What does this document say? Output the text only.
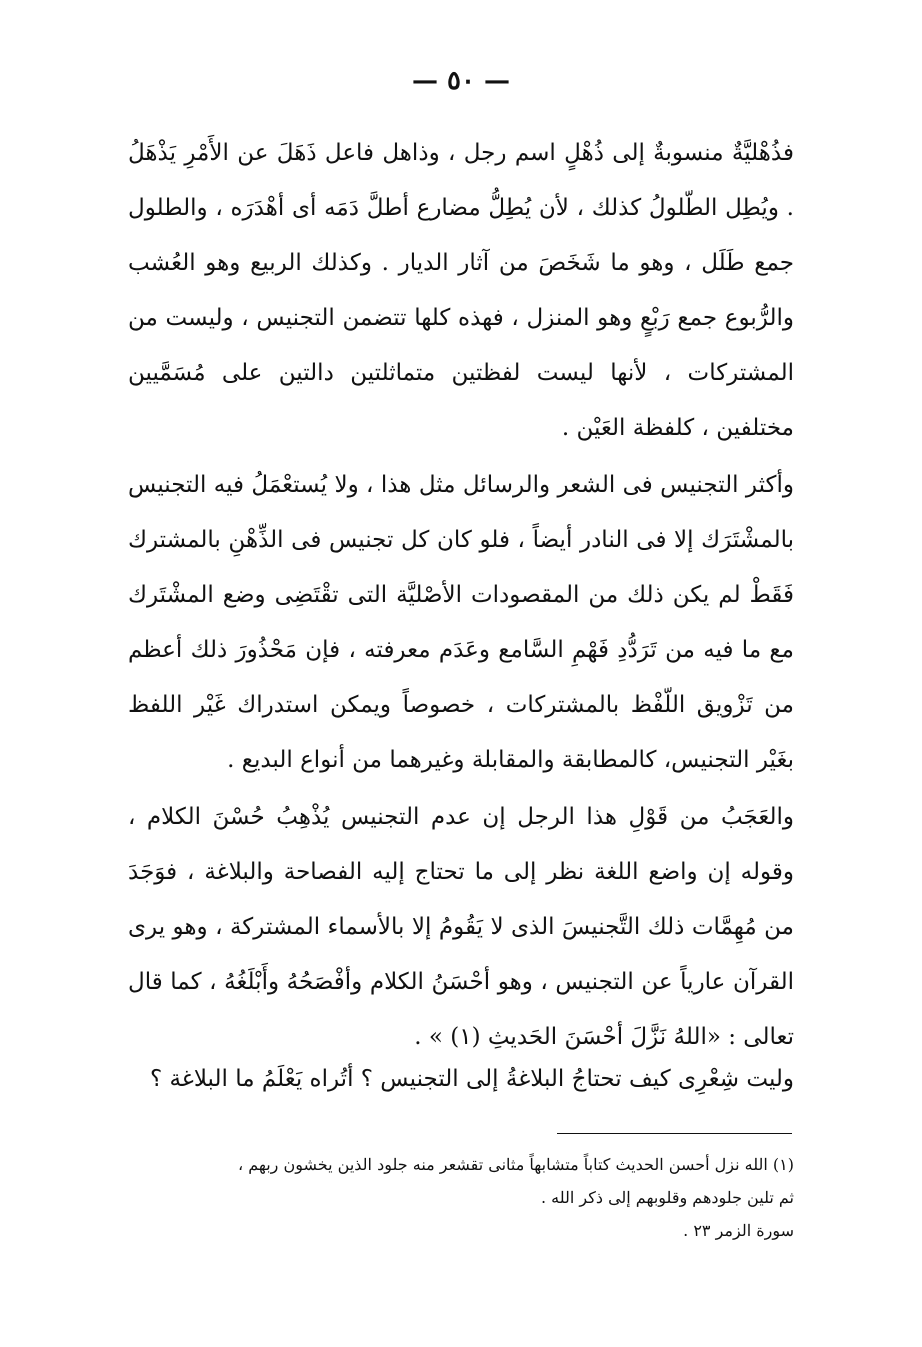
— ٥٠ —

فذُهْليَّةٌ منسوبةٌ إلى ذُهْلٍ اسم رجل ، وذاهل فاعل ذَهَلَ عن الأَمْرِ يَذْهَلُ . ويُطِل الطّلولُ كذلك ، لأن يُطِلُّ مضارع أطلَّ دَمَه أى أهْدَرَه ، والطلول جمع طَلَل ، وهو ما شَخَصَ من آثار الديار . وكذلك الربيع وهو العُشب والرُّبوع جمع رَبْعٍ وهو المنزل ، فهذه كلها تتضمن التجنيس ، وليست من المشتركات ، لأنها ليست لفظتين متماثلتين دالتين على مُسَمَّيين مختلفين ، كلفظة العَيْن .

وأكثر التجنيس فى الشعر والرسائل مثل هذا ، ولا يُستعْمَلُ فيه التجنيس بالمشْتَرَك إلا فى النادر أيضاً ، فلو كان كل تجنيس فى الذِّهْنِ بالمشترك فَقَطْ لم يكن ذلك من المقصودات الأصْليَّة التى تقْتَضِى وضع المشْتَرك مع ما فيه من تَرَدُّدِ فَهْمِ السَّامع وعَدَم معرفته ، فإن مَحْذُورَ ذلك أعظم من تَزْويق اللّفْظ بالمشتركات ، خصوصاً ويمكن استدراك غَيْر اللفظ بغَيْر التجنيس، كالمطابقة والمقابلة وغيرهما من أنواع البديع .

والعَجَبُ من قَوْلِ هذا الرجل إن عدم التجنيس يُذْهِبُ حُسْنَ الكلام ، وقوله إن واضع اللغة نظر إلى ما تحتاج إليه الفصاحة والبلاغة ، فوَجَدَ من مُهِمَّات ذلك التَّجنيسَ الذى لا يَقُومُ إلا بالأسماء المشتركة ، وهو يرى القرآن عارياً عن التجنيس ، وهو أحْسَنُ الكلام وأفْصَحُهُ وأَبْلَغُهُ ، كما قال تعالى : «اللهُ نَزَّلَ أحْسَنَ الحَديثِ (١) » .

وليت شِعْرِى كيف تحتاجُ البلاغةُ إلى التجنيس ؟ أتُراه يَعْلَمُ ما البلاغة ؟

(١) الله نزل أحسن الحديث كتاباً متشابهاً مثانى تقشعر منه جلود الذين يخشون ربهم ،

ثم تلين جلودهم وقلوبهم إلى ذكر الله .

سورة الزمر ٢٣ .
